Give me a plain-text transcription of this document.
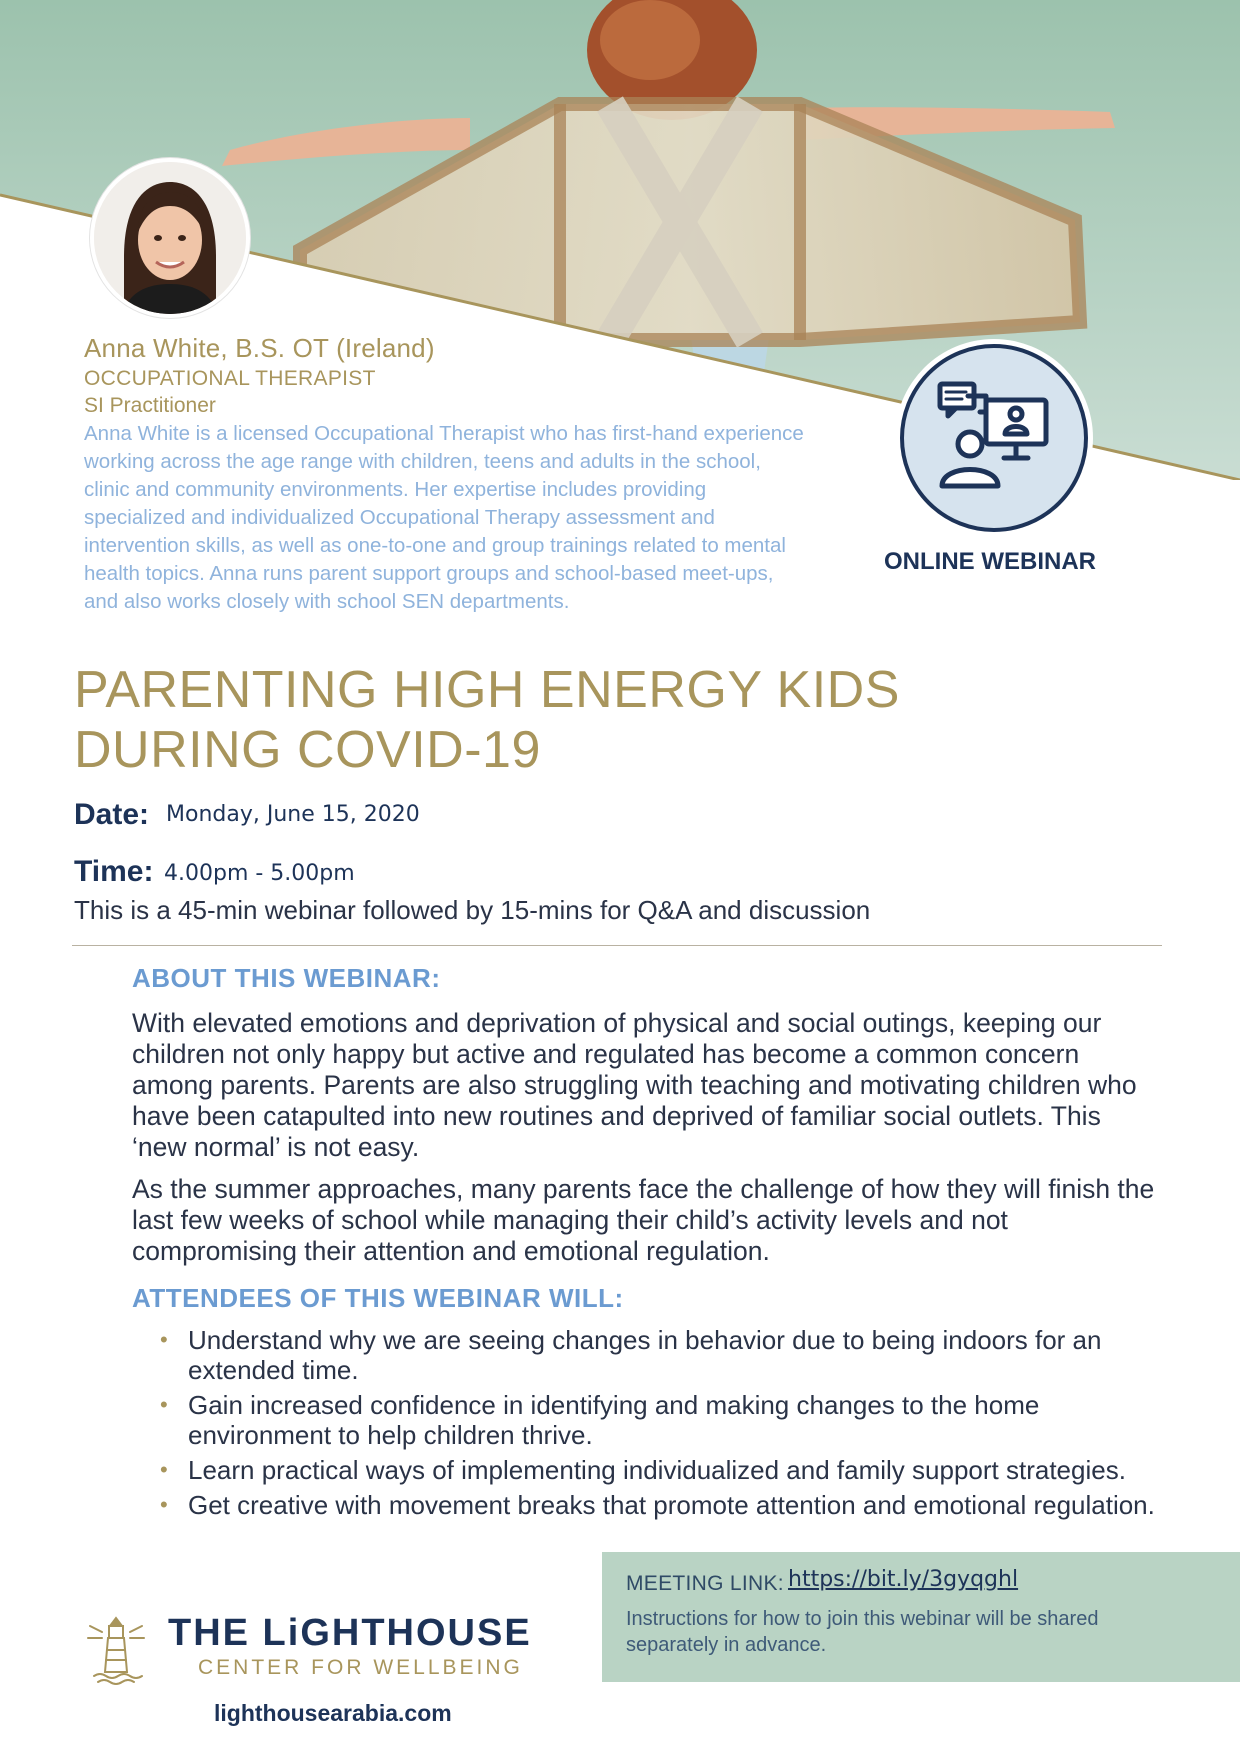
Anna White, B.S. OT (Ireland)
OCCUPATIONAL THERAPIST
SI Practitioner
Anna White is a licensed Occupational Therapist who has first-hand experience working across the age range with children, teens and adults in the school, clinic and community environments. Her expertise includes providing specialized and individualized Occupational Therapy assessment and intervention skills, as well as one-to-one and group trainings related to mental health topics. Anna runs parent support groups and school-based meet-ups, and also works closely with school SEN departments.
ONLINE WEBINAR
PARENTING HIGH ENERGY KIDS
DURING COVID-19
Date: Monday, June 15, 2020
Time: 4.00pm - 5.00pm
This is a 45-min webinar followed by 15-mins for Q&A and discussion
ABOUT THIS WEBINAR:
With elevated emotions and deprivation of physical and social outings, keeping our children not only happy but active and regulated has become a common concern among parents. Parents are also struggling with teaching and motivating children who have been catapulted into new routines and deprived of familiar social outlets. This ‘new normal’ is not easy.
As the summer approaches, many parents face the challenge of how they will finish the last few weeks of school while managing their child’s activity levels and not compromising their attention and emotional regulation.
ATTENDEES OF THIS WEBINAR WILL:
• Understand why we are seeing changes in behavior due to being indoors for an extended time.
• Gain increased confidence in identifying and making changes to the home environment to help children thrive.
• Learn practical ways of implementing individualized and family support strategies.
• Get creative with movement breaks that promote attention and emotional regulation.
MEETING LINK: https://bit.ly/3gyqghl
Instructions for how to join this webinar will be shared separately in advance.
THE LiGHTHOUSE
CENTER FOR WELLBEING
lighthousearabia.com
